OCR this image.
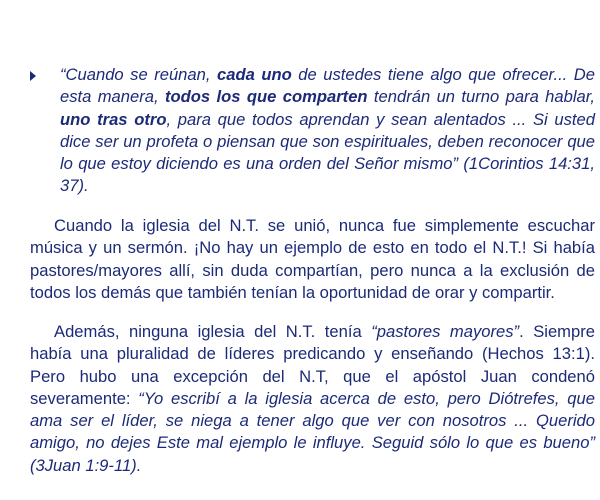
“Cuando se reúnan, cada uno de ustedes tiene algo que ofrecer... De esta manera, todos los que comparten tendrán un turno para hablar, uno tras otro, para que todos aprendan y sean alentados ... Si usted dice ser un profeta o piensan que son espirituales, deben reconocer que lo que estoy diciendo es una orden del Señor mismo” (1Corintios 14:31, 37).

Cuando la iglesia del N.T. se unió, nunca fue simplemente escuchar música y un sermón. ¡No hay un ejemplo de esto en todo el N.T.! Si había pastores/mayores allí, sin duda compartían, pero nunca a la exclusión de todos los demás que también tenían la oportunidad de orar y compartir.

Además, ninguna iglesia del N.T. tenía “pastores mayores”. Siempre había una pluralidad de líderes predicando y enseñando (Hechos 13:1). Pero hubo una excepción del N.T, que el apóstol Juan condenó severamente: “Yo escribí a la iglesia acerca de esto, pero Diótrefes, que ama ser el líder, se niega a tener algo que ver con nosotros ... Querido amigo, no dejes Este mal ejemplo le influye. Seguid sólo lo que es bueno” (3Juan 1:9-11).
